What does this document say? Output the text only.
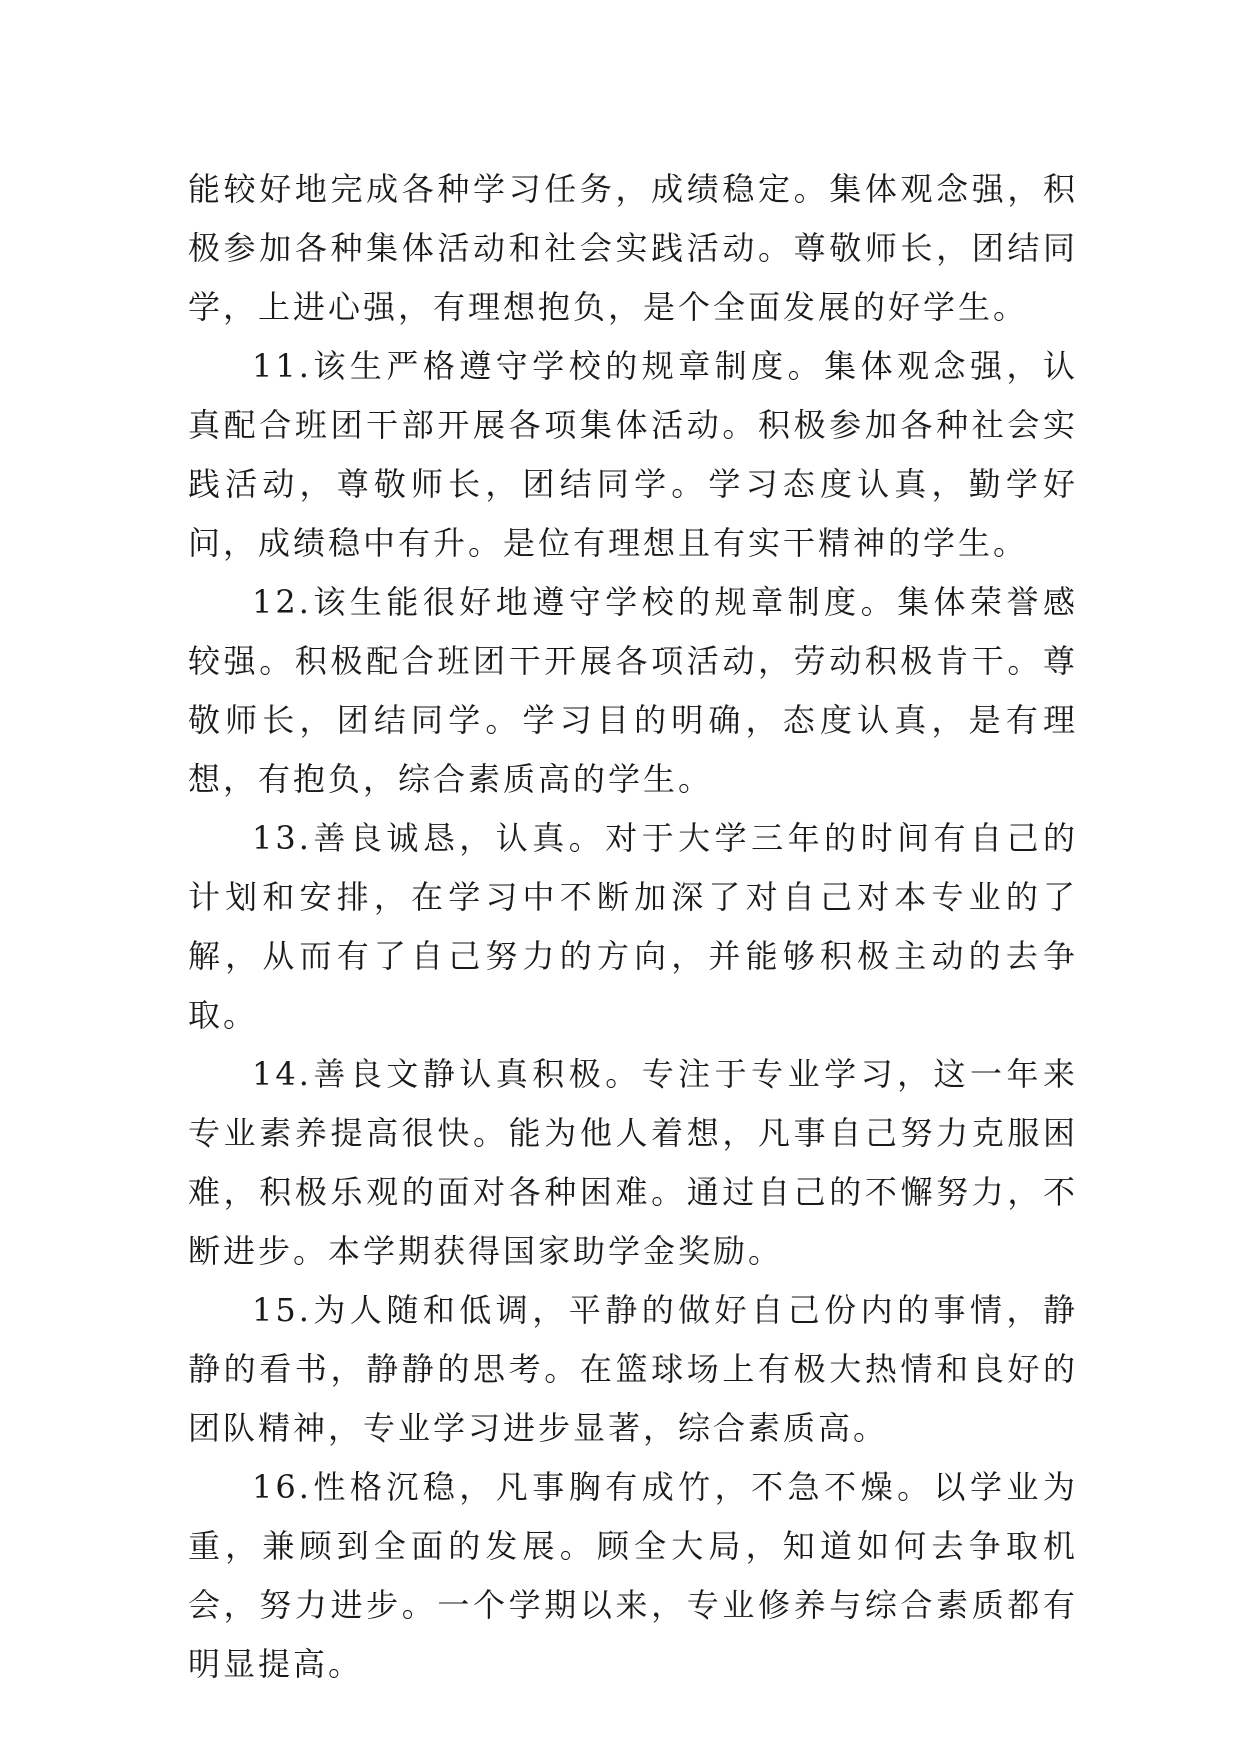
能较好地完成各种学习任务，成绩稳定。集体观念强，积极参加各种集体活动和社会实践活动。尊敬师长，团结同学，上进心强，有理想抱负，是个全面发展的好学生。

11.该生严格遵守学校的规章制度。集体观念强，认真配合班团干部开展各项集体活动。积极参加各种社会实践活动，尊敬师长，团结同学。学习态度认真，勤学好问，成绩稳中有升。是位有理想且有实干精神的学生。

12.该生能很好地遵守学校的规章制度。集体荣誉感较强。积极配合班团干开展各项活动，劳动积极肯干。尊敬师长，团结同学。学习目的明确，态度认真，是有理想，有抱负，综合素质高的学生。

13.善良诚恳，认真。对于大学三年的时间有自己的计划和安排，在学习中不断加深了对自己对本专业的了解，从而有了自己努力的方向，并能够积极主动的去争取。

14.善良文静认真积极。专注于专业学习，这一年来专业素养提高很快。能为他人着想，凡事自己努力克服困难，积极乐观的面对各种困难。通过自己的不懈努力，不断进步。本学期获得国家助学金奖励。

15.为人随和低调，平静的做好自己份内的事情，静静的看书，静静的思考。在篮球场上有极大热情和良好的团队精神，专业学习进步显著，综合素质高。

16.性格沉稳，凡事胸有成竹，不急不燥。以学业为重，兼顾到全面的发展。顾全大局，知道如何去争取机会，努力进步。一个学期以来，专业修养与综合素质都有明显提高。
